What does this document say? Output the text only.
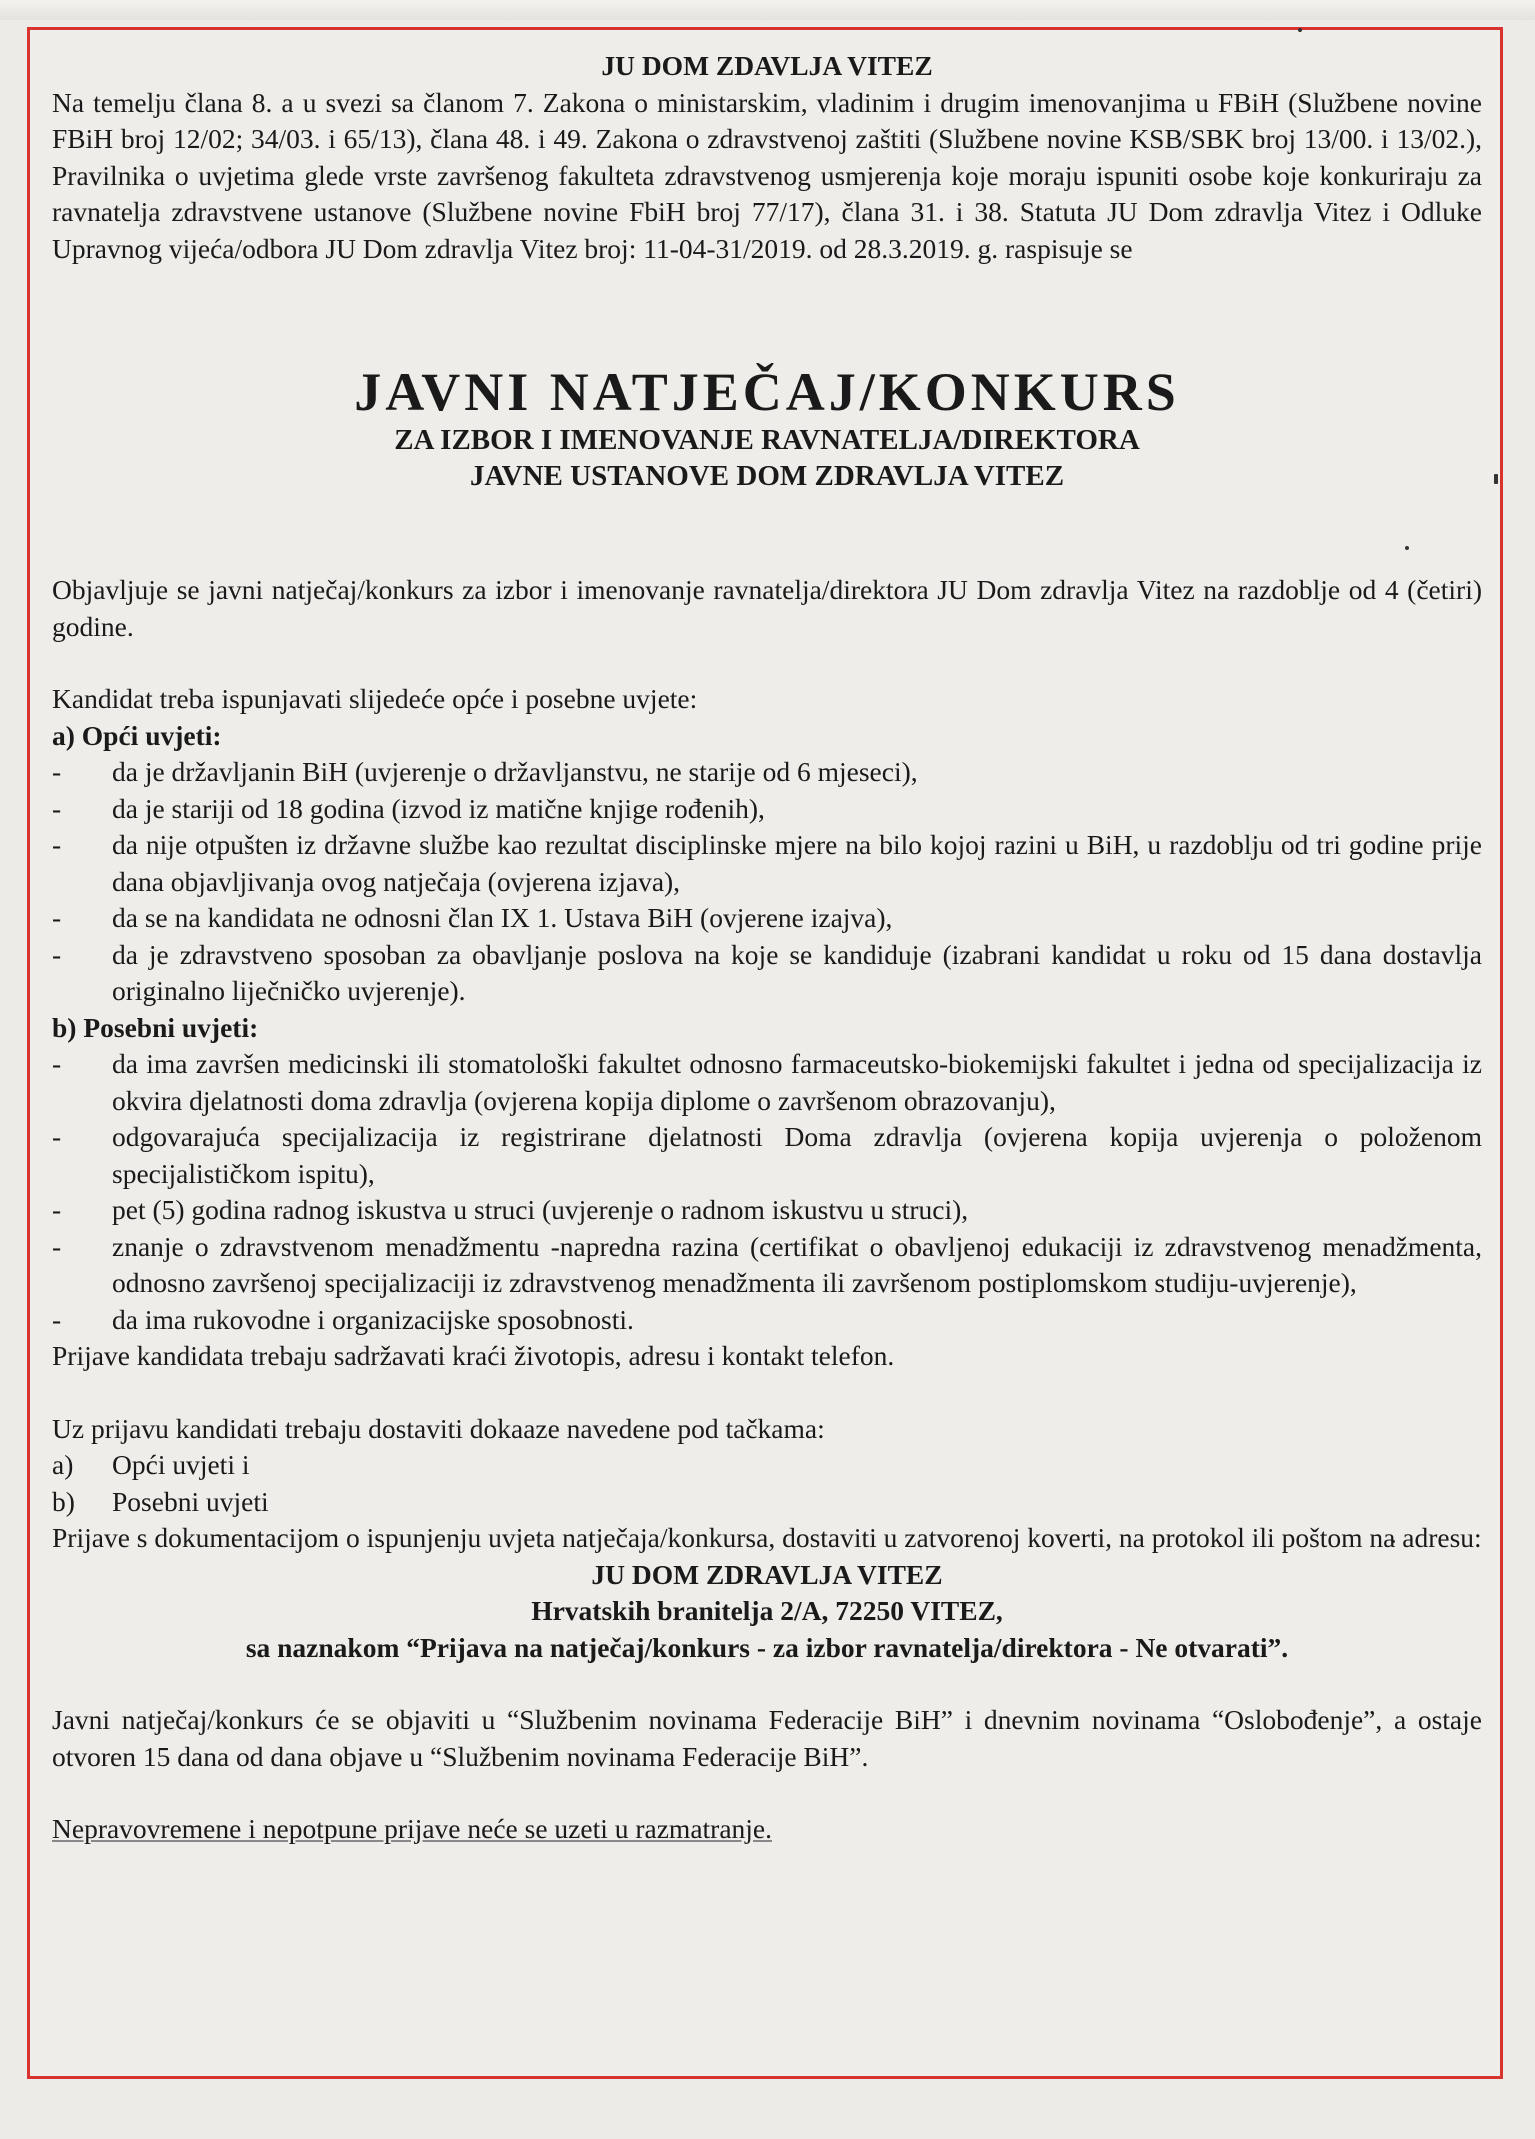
JU DOM ZDAVLJA VITEZ

Na temelju člana 8. a u svezi sa članom 7. Zakona o ministarskim, vladinim i drugim imenovanjima u FBiH (Službene novine FBiH broj 12/02; 34/03. i 65/13), člana 48. i 49. Zakona o zdravstvenoj zaštiti (Službene novine KSB/SBK broj 13/00. i 13/02.), Pravilnika o uvjetima glede vrste završenog fakulteta zdravstvenog usmjerenja koje moraju ispuniti osobe koje konkuriraju za ravnatelja zdravstvene ustanove (Službene novine FbiH broj 77/17), člana 31. i 38. Statuta JU Dom zdravlja Vitez i Odluke Upravnog vijeća/odbora JU Dom zdravlja Vitez broj: 11-04-31/2019. od 28.3.2019. g. raspisuje se

JAVNI NATJEČAJ/KONKURS

ZA IZBOR I IMENOVANJE RAVNATELJA/DIREKTORA

JAVNE USTANOVE DOM ZDRAVLJA VITEZ

Objavljuje se javni natječaj/konkurs za izbor i imenovanje ravnatelja/direktora JU Dom zdravlja Vitez na razdoblje od 4 (četiri) godine.

Kandidat treba ispunjavati slijedeće opće i posebne uvjete:

a) Opći uvjeti:

-	da je državljanin BiH (uvjerenje o državljanstvu, ne starije od 6 mjeseci),
-	da je stariji od 18 godina (izvod iz matične knjige rođenih),
-	da nije otpušten iz državne službe kao rezultat disciplinske mjere na bilo kojoj razini u BiH, u razdoblju od tri godine prije dana objavljivanja ovog natječaja (ovjerena izjava),
-	da se na kandidata ne odnosni član IX 1. Ustava BiH (ovjerene izajva),
-	da je zdravstveno sposoban za obavljanje poslova na koje se kandiduje (izabrani kandidat u roku od 15 dana dostavlja originalno liječničko uvjerenje).

b) Posebni uvjeti:

-	da ima završen medicinski ili stomatološki fakultet odnosno farmaceutsko-biokemijski fakultet i jedna od specijalizacija iz okvira djelatnosti doma zdravlja (ovjerena kopija diplome o završenom obrazovanju),
-	odgovarajuća specijalizacija iz registrirane djelatnosti Doma zdravlja (ovjerena kopija uvjerenja o položenom specijalističkom ispitu),
-	pet (5) godina radnog iskustva u struci (uvjerenje o radnom iskustvu u struci),
-	znanje o zdravstvenom menadžmentu -napredna razina (certifikat o obavljenoj edukaciji iz zdravstvenog menadžmenta, odnosno završenoj specijalizaciji iz zdravstvenog menadžmenta ili završenom postiplomskom studiju-uvjerenje),
-	da ima rukovodne i organizacijske sposobnosti.

Prijave kandidata trebaju sadržavati kraći životopis, adresu i kontakt telefon.

Uz prijavu kandidati trebaju dostaviti dokaaze navedene pod tačkama:

a)	Opći uvjeti i
b)	Posebni uvjeti

Prijave s dokumentacijom o ispunjenju uvjeta natječaja/konkursa, dostaviti u zatvorenoj koverti, na protokol ili poštom na adresu:

JU DOM ZDRAVLJA VITEZ

Hrvatskih branitelja 2/A, 72250 VITEZ,

sa naznakom “Prijava na natječaj/konkurs - za izbor ravnatelja/direktora - Ne otvarati”.

Javni natječaj/konkurs će se objaviti u “Službenim novinama Federacije BiH” i dnevnim novinama “Oslobođenje”, a ostaje otvoren 15 dana od dana objave u “Službenim novinama Federacije BiH”.

Nepravovremene i nepotpune prijave neće se uzeti u razmatranje.
